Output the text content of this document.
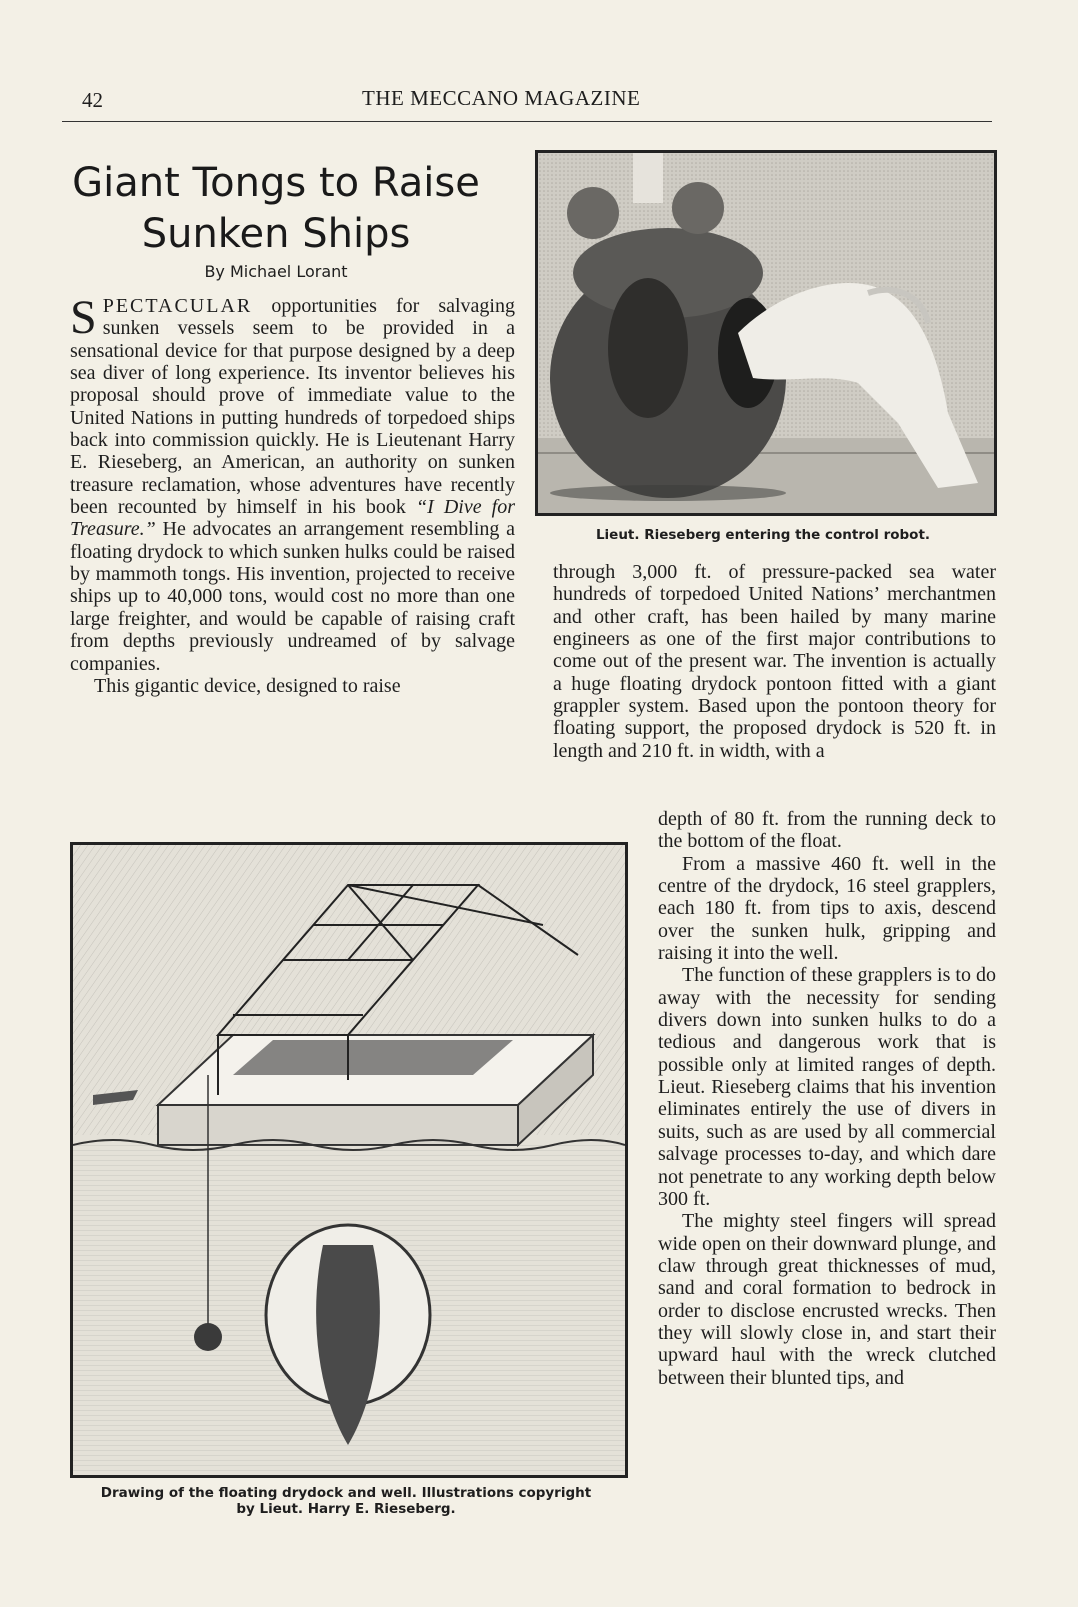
42	THE MECCANO MAGAZINE
Giant Tongs to Raise
Sunken Ships
By Michael Lorant

SPECTACULAR opportunities for salvaging sunken vessels seem to be provided in a sensational device for that purpose designed by a deep sea diver of long experience. Its inventor believes his proposal should prove of immediate value to the United Nations in putting hundreds of torpedoed ships back into commission quickly. He is Lieutenant Harry E. Rieseberg, an American, an authority on sunken treasure reclamation, whose adventures have recently been recounted by himself in his book “I Dive for Treasure.” He advocates an arrangement resembling a floating drydock to which sunken hulks could be raised by mammoth tongs. His invention, projected to receive ships up to 40,000 tons, would cost no more than one large freighter, and would be capable of raising craft from depths previously undreamed of by salvage companies.

This gigantic device, designed to raise

Lieut. Rieseberg entering the control robot.

through 3,000 ft. of pressure-packed sea water hundreds of torpedoed United Nations’ merchantmen and other craft, has been hailed by many marine engineers as one of the first major contributions to come out of the present war. The invention is actually a huge floating drydock pontoon fitted with a giant grappler system. Based upon the pontoon theory for floating support, the proposed drydock is 520 ft. in length and 210 ft. in width, with a

depth of 80 ft. from the running deck to the bottom of the float.

From a massive 460 ft. well in the centre of the drydock, 16 steel grapplers, each 180 ft. from tips to axis, descend over the sunken hulk, gripping and raising it into the well.

The function of these grapplers is to do away with the necessity for sending divers down into sunken hulks to do a tedious and dangerous work that is possible only at limited ranges of depth. Lieut. Rieseberg claims that his invention eliminates entirely the use of divers in suits, such as are used by all commercial salvage processes to-day, and which dare not penetrate to any working depth below 300 ft.

The mighty steel fingers will spread wide open on their downward plunge, and claw through great thicknesses of mud, sand and coral formation to bedrock in order to disclose encrusted wrecks. Then they will slowly close in, and start their upward haul with the wreck clutched between their blunted tips, and

Drawing of the floating drydock and well. Illustrations copyright
by Lieut. Harry E. Rieseberg.
